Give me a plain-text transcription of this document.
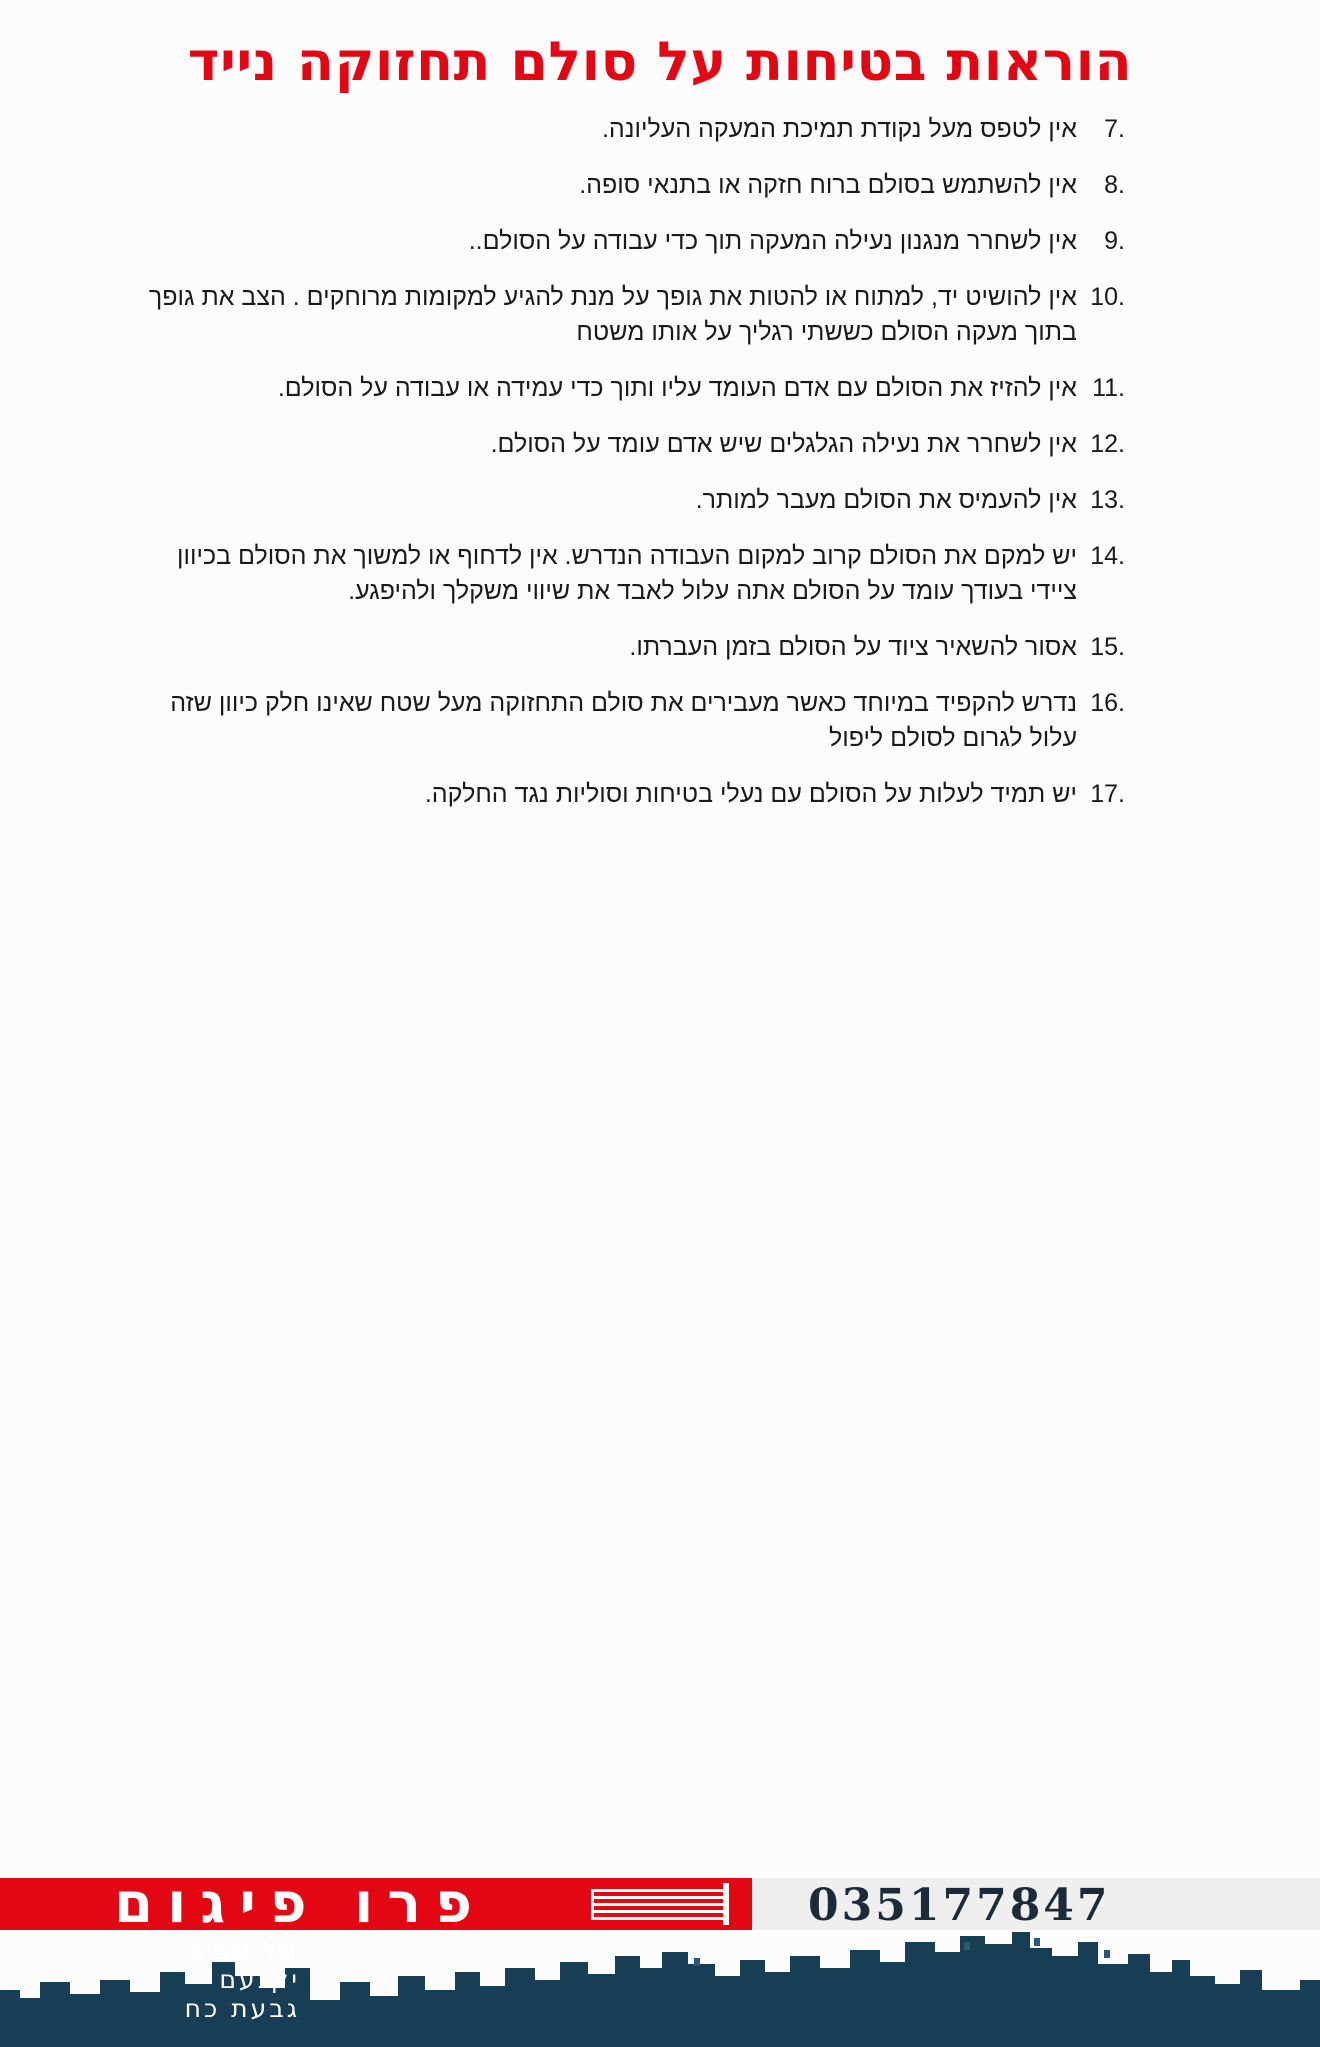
הוראות בטיחות על סולם תחזוקה נייד
7.
אין לטפס מעל נקודת תמיכת המעקה העליונה.
8.
אין להשתמש בסולם ברוח חזקה או בתנאי סופה.
9.
אין לשחרר מנגנון נעילה המעקה תוך כדי עבודה על הסולם..
10.
אין להושיט יד, למתוח או להטות את גופך על מנת להגיע למקומות מרוחקים . הצב את גופך בתוך מעקה הסולם כששתי רגליך על אותו משטח
11.
אין להזיז את הסולם עם אדם העומד עליו ותוך כדי עמידה או עבודה על הסולם.
12.
אין לשחרר את נעילה הגלגלים שיש אדם עומד על הסולם.
13.
אין להעמיס את הסולם מעבר למותר.
14.
יש למקם את הסולם קרוב למקום העבודה הנדרש. אין לדחוף או למשוך את הסולם בכיוון ציידי בעודך עומד על הסולם אתה עלול לאבד את שיווי משקלך ולהיפגע.
15.
אסור להשאיר ציוד על הסולם בזמן העברתו.
16.
נדרש להקפיד במיוחד כאשר מעבירים את סולם התחזוקה מעל שטח שאינו חלק כיוון שזה עלול לגרום לסולם ליפול
17.
יש תמיד לעלות על הסולם עם נעלי בטיחות וסוליות נגד החלקה.
פרו פיגום	035177847
תל אביב
יקנעם
גבעת כח
